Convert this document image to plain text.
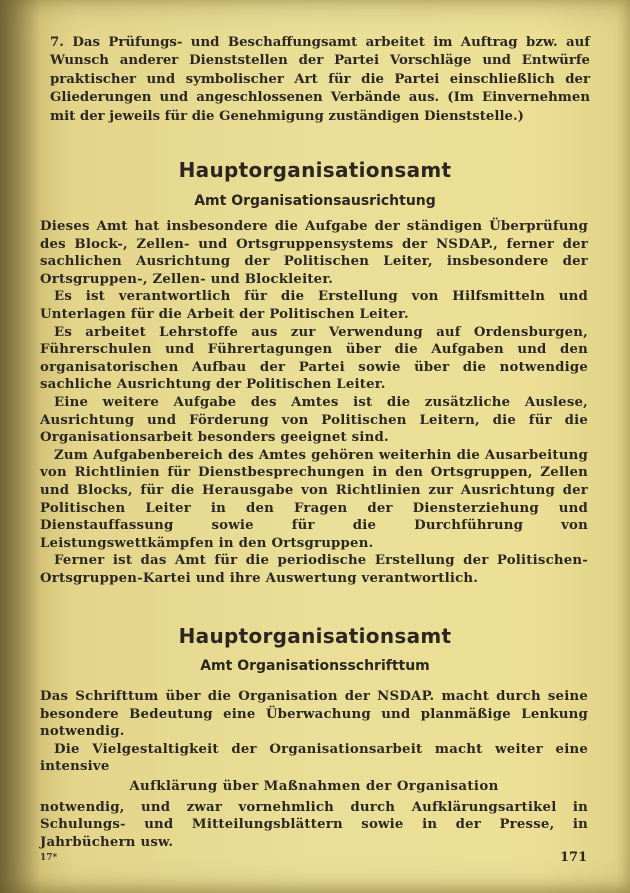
7. Das Prüfungs- und Beschaffungsamt arbeitet im Auftrag bzw. auf Wunsch anderer Dienststellen der Partei Vorschläge und Entwürfe praktischer und symbolischer Art für die Partei einschließlich der Gliederungen und angeschlossenen Verbände aus. (Im Einvernehmen mit der jeweils für die Genehmigung zuständigen Dienststelle.)
Hauptorganisationsamt
Amt Organisationsausrichtung

Dieses Amt hat insbesondere die Aufgabe der ständigen Überprüfung des Block-, Zellen- und Ortsgruppensystems der NSDAP., ferner der sachlichen Ausrichtung der Politischen Leiter, insbesondere der Ortsgruppen-, Zellen- und Blockleiter.

Es ist verantwortlich für die Erstellung von Hilfsmitteln und Unterlagen für die Arbeit der Politischen Leiter.

Es arbeitet Lehrstoffe aus zur Verwendung auf Ordensburgen, Führerschulen und Führertagungen über die Aufgaben und den organisatorischen Aufbau der Partei sowie über die notwendige sachliche Ausrichtung der Politischen Leiter.

Eine weitere Aufgabe des Amtes ist die zusätzliche Auslese, Ausrichtung und Förderung von Politischen Leitern, die für die Organisationsarbeit besonders geeignet sind.

Zum Aufgabenbereich des Amtes gehören weiterhin die Ausarbeitung von Richtlinien für Dienstbesprechungen in den Ortsgruppen, Zellen und Blocks, für die Herausgabe von Richtlinien zur Ausrichtung der Politischen Leiter in den Fragen der Diensterziehung und Dienstauffassung sowie für die Durchführung von Leistungswettkämpfen in den Ortsgruppen.

Ferner ist das Amt für die periodische Erstellung der Politischen-Ortsgruppen-Kartei und ihre Auswertung verantwortlich.

Hauptorganisationsamt
Amt Organisationsschrifttum

Das Schrifttum über die Organisation der NSDAP. macht durch seine besondere Bedeutung eine Überwachung und planmäßige Lenkung notwendig.

Die Vielgestaltigkeit der Organisationsarbeit macht weiter eine intensive

Aufklärung über Maßnahmen der Organisation

notwendig, und zwar vornehmlich durch Aufklärungsartikel in Schulungs- und Mitteilungsblättern sowie in der Presse, in Jahrbüchern usw.

17*	171
